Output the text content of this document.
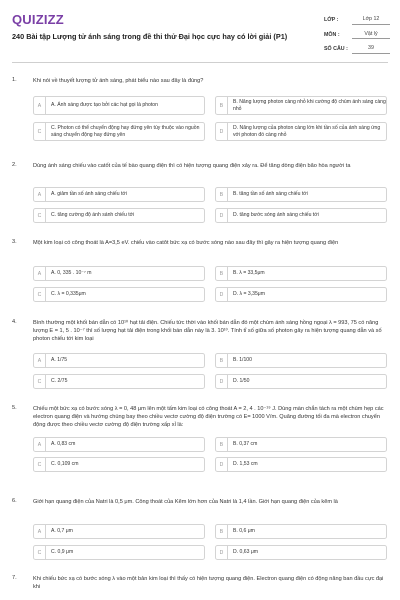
QUIZIZZ
240 Bài tập Lượng tử ánh sáng trong đề thi thử Đại học cực hay có lời giải (P1)
LỚP :	Lớp 12
MÔN :	Vật lý
SỐ CÂU :	39
1.	Khi nói về thuyết lượng tử ánh sáng, phát biểu nào sau đây là đúng?
A	A. Ánh sáng được tạo bởi các hạt gọi là photon	B
B. Năng lượng photon càng nhỏ khi cường độ chùm ánh sáng càng nhỏ
C
C. Photon có thể chuyển động hay đứng yên tùy thuộc vào nguồn sáng chuyển động hay đứng yên	D
D. Năng lượng của photon càng lớn khi tần số của ánh sáng ứng với photon đó càng nhỏ
2.	Dùng ánh sáng chiếu vào catốt của tế bào quang điện thì có hiện tượng quang điện xảy ra. Để tăng dòng điện bão hòa người ta
A	A. giảm tần số ánh sáng chiếu tới	B	B. tăng tần số ánh sáng chiếu tới
C	C. tăng cường độ ánh sánh chiếu tới	D	D. tăng bước sóng ánh sáng chiếu tới
3.	Một kim loại có công thoát là A=3,5 eV. chiếu vào catôt bức xạ có bước sóng nào sau đây thì gây ra hiện tượng quang điện
A	A. 0, 335 . 10⁻⁷ m	B	B. λ = 33,5μm
C	C. λ = 0,335μm	D	D. λ = 3,35μm
4.	Bình thường một khối bán dẫn có 10¹⁰ hạt tải điện. Chiếu tức thời vào khối bán dẫn đó một chùm ánh sáng hồng ngoại λ = 993, 75 có năng lượng E = 1, 5 . 10⁻⁷ thì số lượng hạt tải điện trong khối bán dẫn này là 3. 10¹⁰. Tính tỉ số giữa số photon gây ra hiện tượng quang dẫn và số photon chiếu tới kim loại
A	A. 1/75	B	B. 1/100
C	C. 2/75	D	D. 1/50
5.	Chiếu một bức xạ có bước sóng λ = 0, 48 μm lên một tấm kim loại có công thoát A = 2, 4 . 10⁻¹⁹ J. Dùng màn chắn tách ra một chùm hẹp các electron quang điện và hướng chúng bay theo chiều vectơ cường độ điện trường có E= 1000 V/m. Quãng đường tối đa mà electron chuyển động được theo chiều vectơ cường độ điện trường xấp xỉ là:
A	A. 0,83 cm	B	B. 0,37 cm
C	C. 0,109 cm	D	D. 1,53 cm
6.	Giới hạn quang điện của Natri là 0,5 μm. Công thoát của Kẽm lớn hơn của Natri là 1,4 lần. Giới hạn quang điện của kẽm là
A	A. 0,7 μm	B	B. 0,6 μm
C	C. 0,9 μm	D	D. 0,63 μm
7.	Khi chiếu bức xạ có bước sóng λ vào một bản kim loại thì thấy có hiện tượng quang điện. Electron quang điện có động năng ban đầu cực đại khi
